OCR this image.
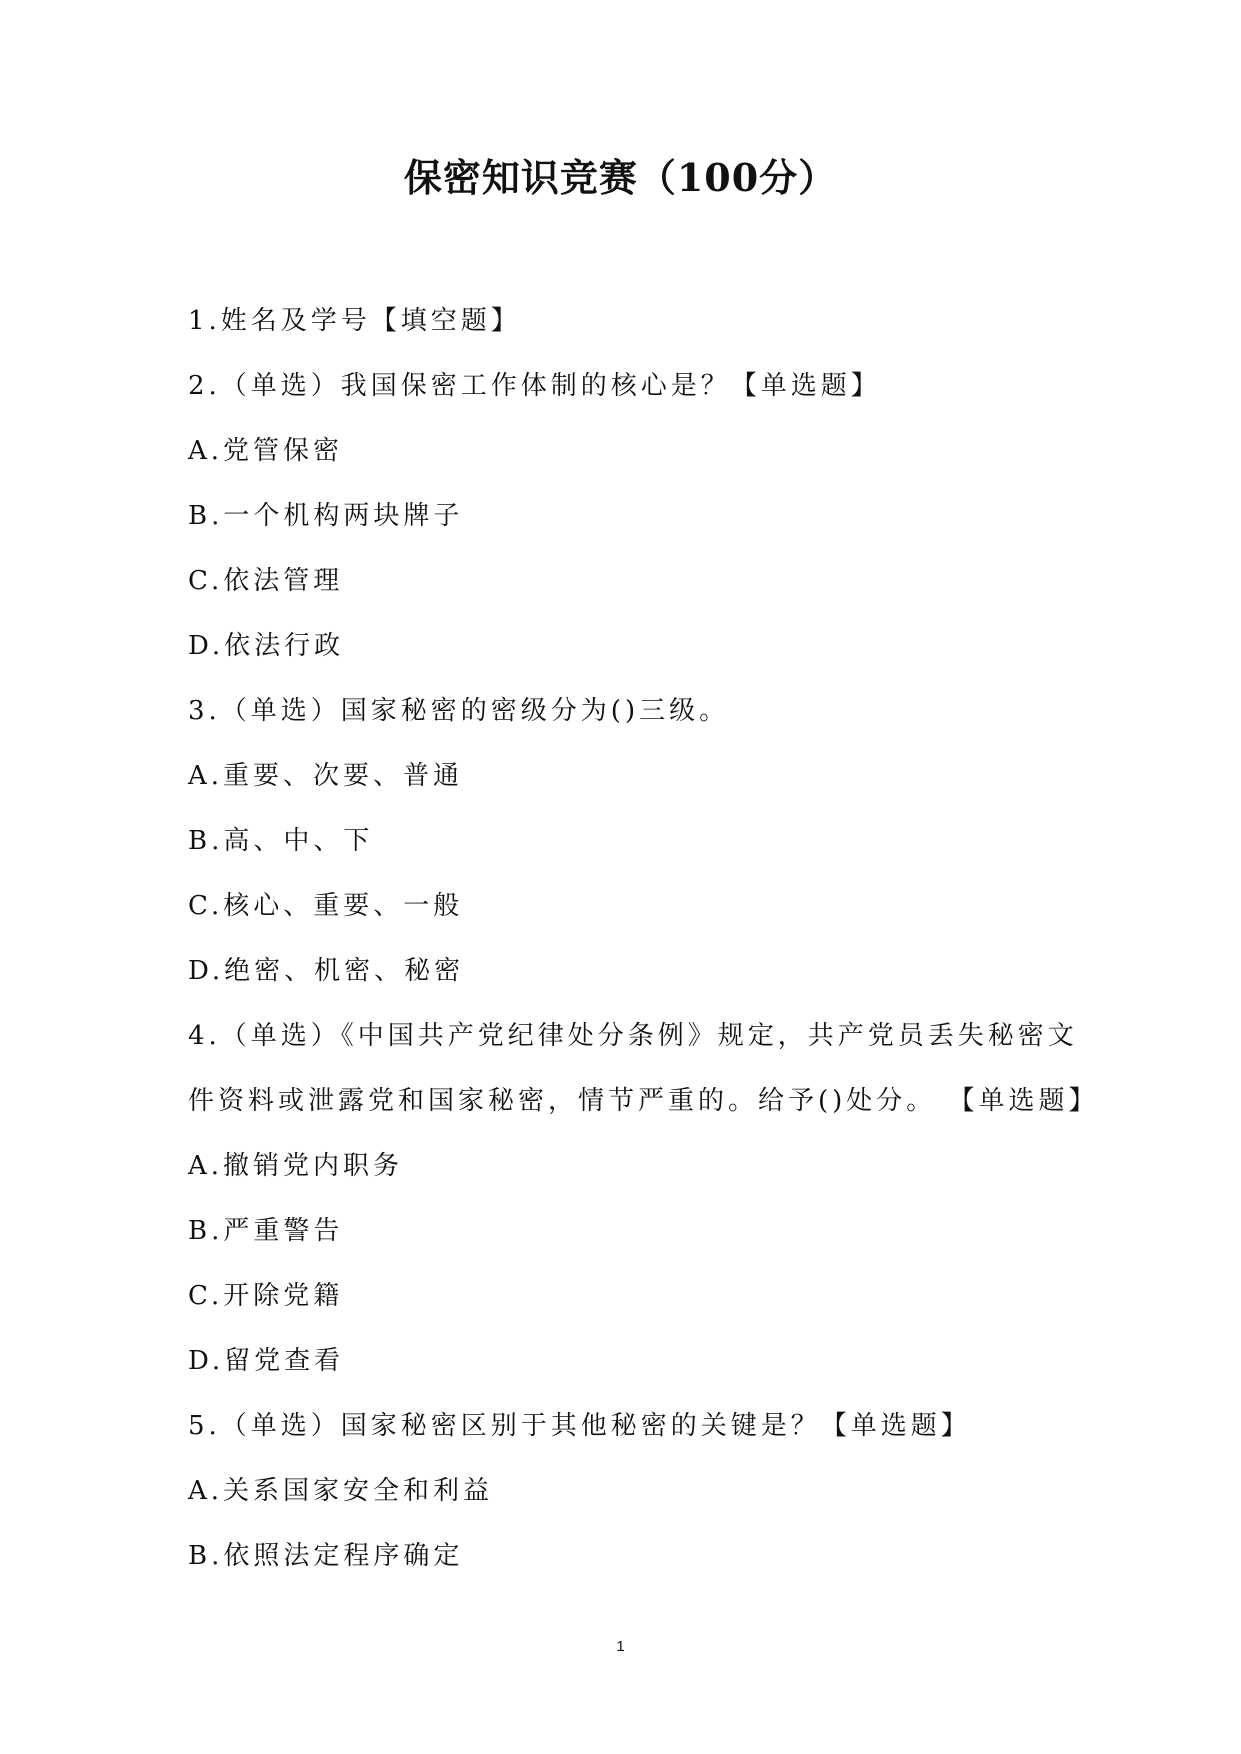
保密知识竞赛（100分）
1.姓名及学号【填空题】
2.（单选）我国保密工作体制的核心是？【单选题】
A.党管保密
B.一个机构两块牌子
C.依法管理
D.依法行政
3.（单选）国家秘密的密级分为()三级。
A.重要、次要、普通
B.高、中、下
C.核心、重要、一般
D.绝密、机密、秘密
4.（单选）《中国共产党纪律处分条例》规定，共产党员丢失秘密文
件资料或泄露党和国家秘密，情节严重的。给予()处分。 【单选题】
A.撤销党内职务
B.严重警告
C.开除党籍
D.留党查看
5.（单选）国家秘密区别于其他秘密的关键是？【单选题】
A.关系国家安全和利益
B.依照法定程序确定
1
